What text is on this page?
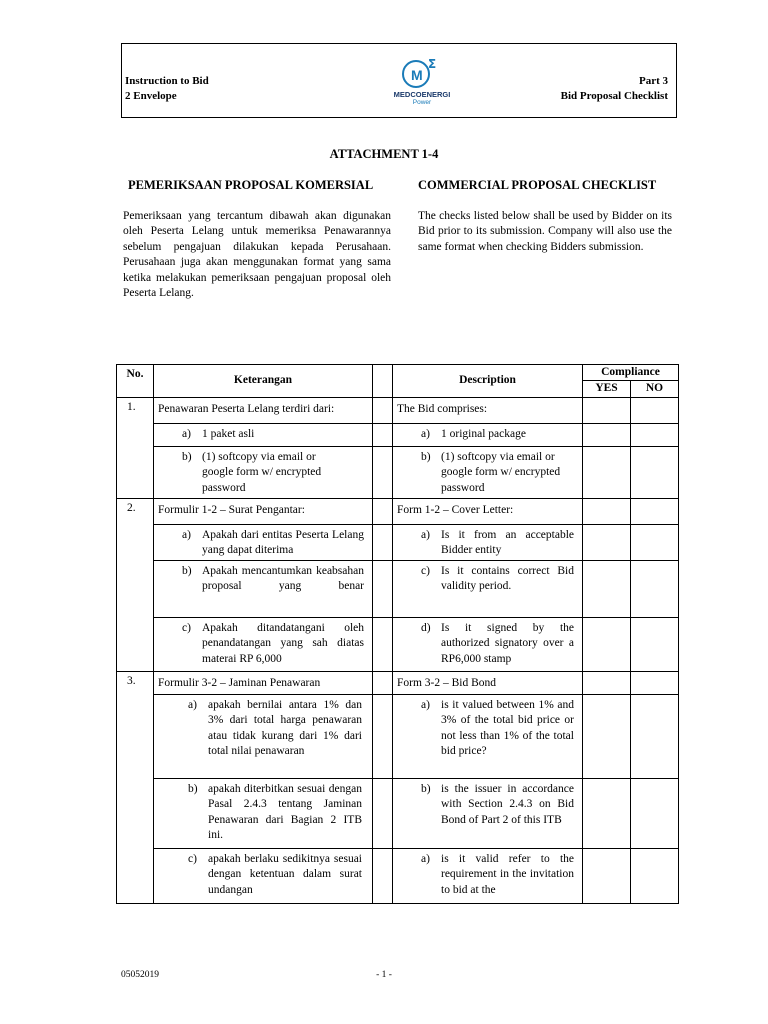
Instruction to Bid
2 Envelope
M
Σ
MEDCOENERGI
Power
Part 3
Bid Proposal Checklist
ATTACHMENT 1-4
PEMERIKSAAN PROPOSAL KOMERSIAL	COMMERCIAL PROPOSAL CHECKLIST
Pemeriksaan yang tercantum dibawah akan digunakan oleh Peserta Lelang untuk memeriksa Penawarannya sebelum pengajuan dilakukan kepada Perusahaan. Perusahaan juga akan menggunakan format yang sama ketika melakukan pemeriksaan pengajuan proposal oleh Peserta Lelang.
The checks listed below shall be used by Bidder on its Bid prior to its submission. Company will also use the same format when checking Bidders submission.
No.	Keterangan		Description	Compliance	
				YES	NO
1.	Penawaran Peserta Lelang terdiri dari:		The Bid comprises:		

	a) 1 paket asli		a) 1 original package		

	b) (1) softcopy via email or google form w/ encrypted password		b) (1) softcopy via email or google form w/ encrypted password		

2.	Formulir 1-2 – Surat Pengantar:		Form 1-2 – Cover Letter:		

	a) Apakah dari entitas Peserta Lelang yang dapat diterima		a) Is it from an acceptable Bidder entity		

	b) Apakah mencantumkan keabsahan proposal yang benar		c) Is it contains correct Bid validity period.		

	c) Apakah ditandatangani oleh penandatangan yang sah diatas materai RP 6,000		d) Is it signed by the authorized signatory over a RP6,000 stamp		

3.	Formulir 3-2 – Jaminan Penawaran		Form 3-2 – Bid Bond		

	a) apakah bernilai antara 1% dan 3% dari total harga penawaran atau tidak kurang dari 1% dari total nilai penawaran		a) is it valued between 1% and 3% of the total bid price or not less than 1% of the total bid price?		

	b) apakah diterbitkan sesuai dengan Pasal 2.4.3 tentang Jaminan Penawaran dari Bagian 2 ITB ini.		b) is the issuer in accordance with Section 2.4.3 on Bid Bond of Part 2 of this ITB		

	c) apakah berlaku sedikitnya sesuai dengan ketentuan dalam surat undangan		a) is it valid refer to the requirement in the invitation to bid at the		

05052019	- 1 -
